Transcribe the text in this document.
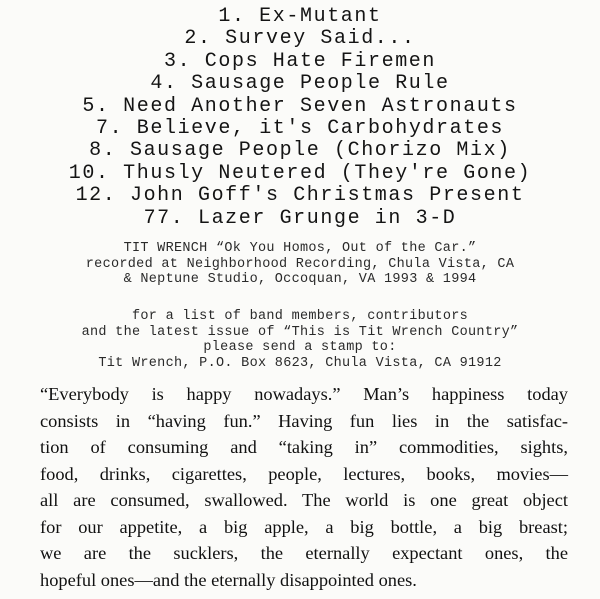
1. Ex-Mutant
2. Survey Said...
3. Cops Hate Firemen
4. Sausage People Rule
5. Need Another Seven Astronauts
7. Believe, it's Carbohydrates
8. Sausage People (Chorizo Mix)
10. Thusly Neutered (They're Gone)
12. John Goff's Christmas Present
77. Lazer Grunge in 3-D
TIT WRENCH “Ok You Homos, Out of the Car.”
recorded at Neighborhood Recording, Chula Vista, CA
& Neptune Studio, Occoquan, VA 1993 & 1994
for a list of band members, contributors
and the latest issue of “This is Tit Wrench Country”
please send a stamp to:
Tit Wrench, P.O. Box 8623, Chula Vista, CA 91912
“Everybody is happy nowadays.” Man’s happiness today
consists in “having fun.” Having fun lies in the satisfac-
tion of consuming and “taking in” commodities, sights,
food, drinks, cigarettes, people, lectures, books, movies—
all are consumed, swallowed. The world is one great object
for our appetite, a big apple, a big bottle, a big breast;
we are the sucklers, the eternally expectant ones, the
hopeful ones—and the eternally disappointed ones.
